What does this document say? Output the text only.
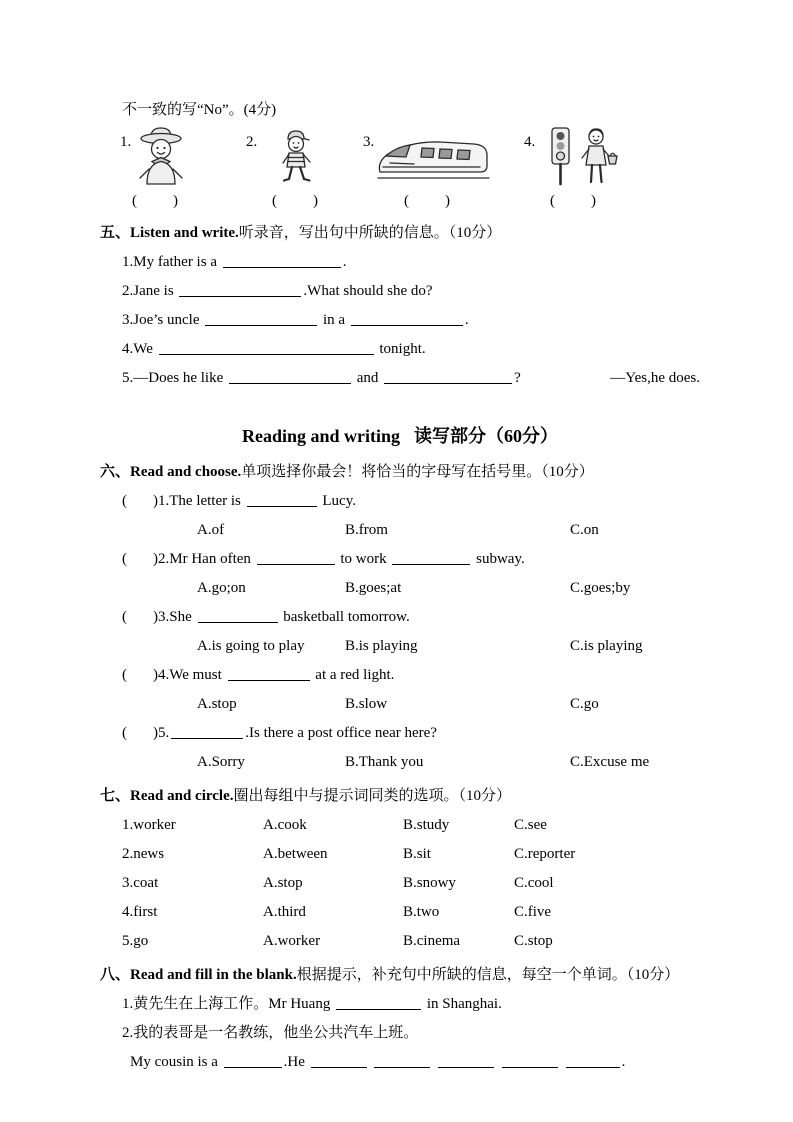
不一致的写“No”。(4分)
1.	2.	3.	4.
( )	( )	( )	( )
五、Listen and write.听录音，写出句中所缺的信息。（10分）
1.My father is a	.
2.Jane is	.What should she do?
3.Joe’s uncle	in a	.
4.We	tonight.
5.—Does he like	and	?	—Yes,he does.
Reading and writing 读写部分（60分）
六、Read and choose.单项选择你最会！将恰当的字母写在括号里。（10分）
( )1.The letter is	Lucy.
A.of	B.from	C.on
( )2.Mr Han often	to work	subway.
A.go;on	B.goes;at	C.goes;by
( )3.She	basketball tomorrow.
A.is going to play	B.is playing	C.is playing
( )4.We must	at a red light.
A.stop	B.slow	C.go
( )5.	.Is there a post office near here?
A.Sorry	B.Thank you	C.Excuse me
七、Read and circle.圈出每组中与提示词同类的选项。（10分）
1.worker	A.cook	B.study	C.see
2.news	A.between	B.sit	C.reporter
3.coat	A.stop	B.snowy	C.cool
4.first	A.third	B.two	C.five
5.go	A.worker	B.cinema	C.stop
八、Read and fill in the blank.根据提示，补充句中所缺的信息，每空一个单词。（10分）
1.黄先生在上海工作。Mr Huang	in Shanghai.
2.我的表哥是一名教练，他坐公共汽车上班。
My cousin is a	.He	.
